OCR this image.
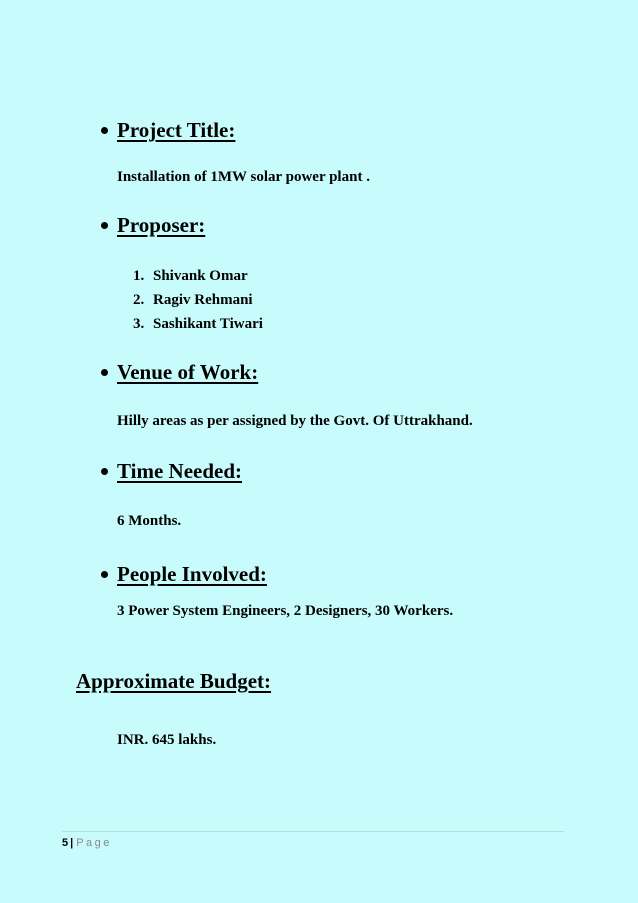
Project Title:
Installation of 1MW solar power plant .
Proposer:
1. Shivank Omar
2. Ragiv Rehmani
3. Sashikant Tiwari
Venue of Work:
Hilly areas as per assigned by the Govt. Of Uttrakhand.
Time Needed:
6 Months.
People Involved:
3 Power System Engineers, 2 Designers, 30 Workers.
Approximate Budget:
INR. 645 lakhs.
5 | Page
